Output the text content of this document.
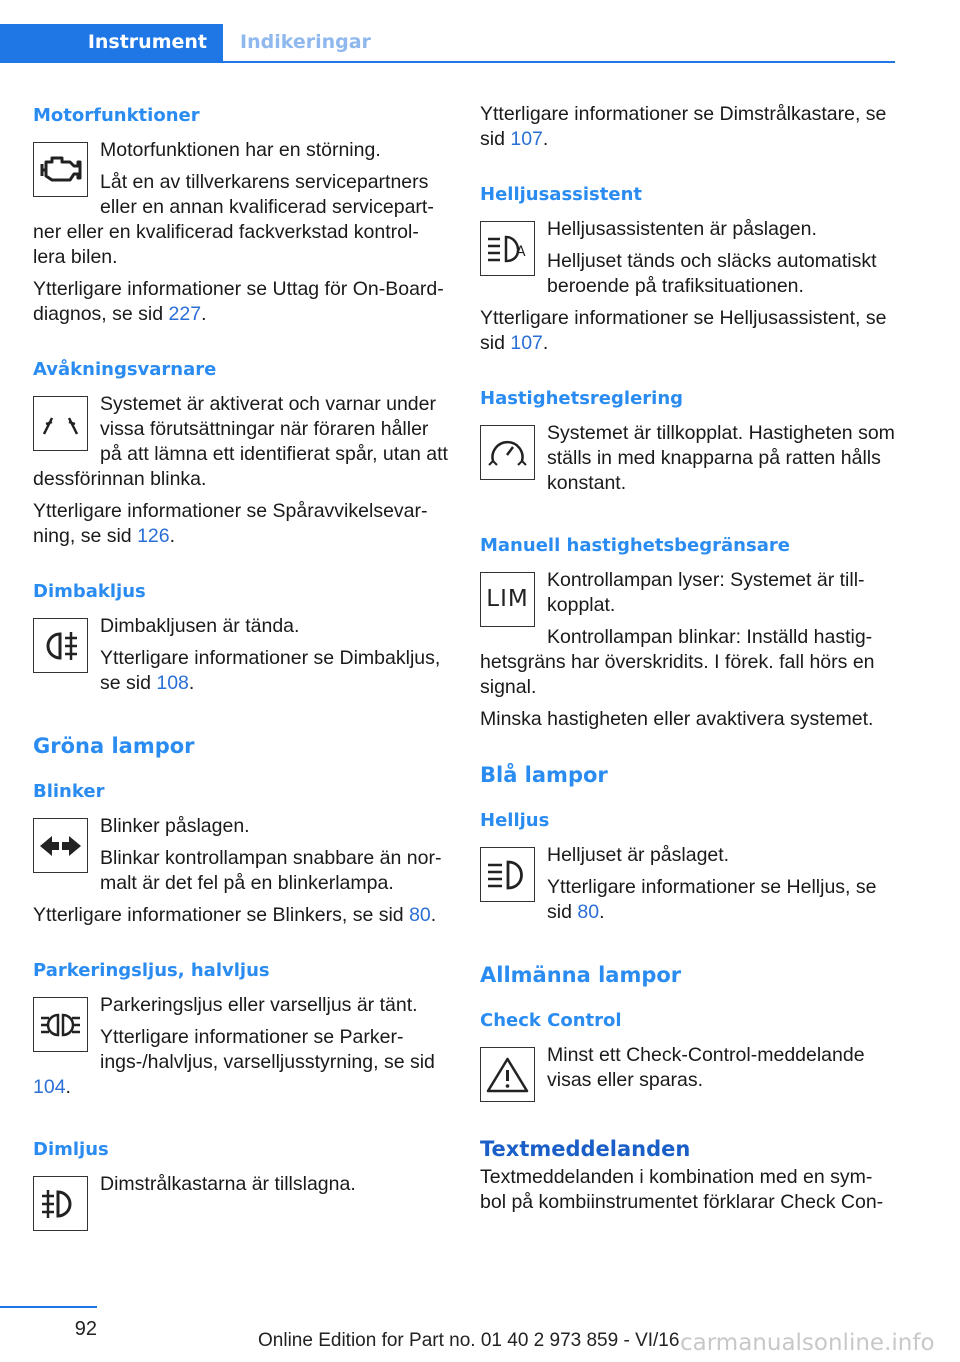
Instrument	Indikeringar
Motorfunktioner

Motorfunktionen har en störning.

Låt en av tillverkarens servicepartners eller en annan kvalificerad servicepart-ner eller en kvalificerad fackverkstad kontrol-lera bilen.

Ytterligare informationer se Uttag för On-Board-diagnos, se sid 227.

Avåkningsvarnare

Systemet är aktiverat och varnar under vissa förutsättningar när föraren håller på att lämna ett identifierat spår, utan att dessförinnan blinka.

Ytterligare informationer se Spåravvikelsevar-ning, se sid 126.

Dimbakljus

Dimbakljusen är tända.

Ytterligare informationer se Dimbakljus, se sid 108.

Gröna lampor
Blinker

Blinker påslagen.

Blinkar kontrollampan snabbare än nor-malt är det fel på en blinkerlampa.

Ytterligare informationer se Blinkers, se sid 80.

Parkeringsljus, halvljus

Parkeringsljus eller varselljus är tänt.

Ytterligare informationer se Parker-ings-/halvljus, varselljusstyrning, se sid 104.

Dimljus

Dimstrålkastarna är tillslagna.

Ytterligare informationer se Dimstrålkastare, se sid 107.

Helljusassistent
A

Helljusassistenten är påslagen.

Helljuset tänds och släcks automatiskt beroende på trafiksituationen.

Ytterligare informationer se Helljusassistent, se sid 107.

Hastighetsreglering

Systemet är tillkopplat. Hastigheten som ställs in med knapparna på ratten hålls konstant.

Manuell hastighetsbegränsare
LIM

Kontrollampan lyser: Systemet är till-kopplat.

Kontrollampan blinkar: Inställd hastig-hetsgräns har överskridits. I förek. fall hörs en signal.

Minska hastigheten eller avaktivera systemet.

Blå lampor
Helljus

Helljuset är påslaget.

Ytterligare informationer se Helljus, se sid 80.

Allmänna lampor
Check Control

Minst ett Check-Control-meddelande visas eller sparas.

Textmeddelanden

Textmeddelanden i kombination med en sym-bol på kombiinstrumentet förklarar Check Con-

92
Online Edition for Part no. 01 40 2 973 859 - VI/16 carmanualsonline.info
